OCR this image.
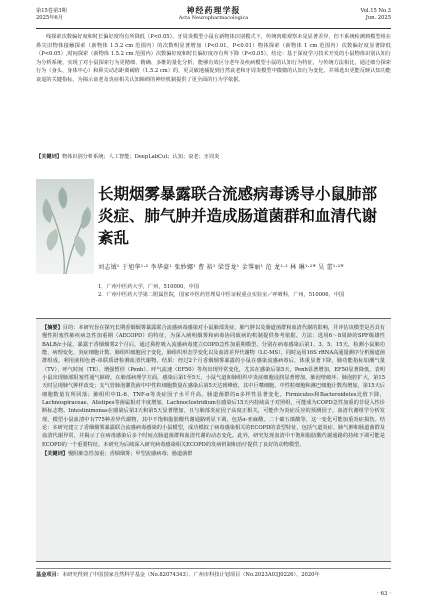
第15卷第3期
2025年6月
神经药理学报
Acta Neuropharmacologica
Vol.15 No.3
Jun. 2025

线探索次数偏好度和时长偏好度均有所降低（P<0.05）。牙周炎模型小鼠在新物体识别模式下，传统肉眼观察未见显著差异，但不系统检测到模型组在鼻尖旧物体接触探索（新物体 1.5.2 cm 范围内）的次数明显著增加（P<0.01，P<0.01）物体探索（新物体 1 cm 范围内）次数偏好度显著降低（P<0.05）,时间探索（新物体 1.5.2 cm 范围内）次数偏好度和时长偏好度亦有所下降（P<0.05）。结论：基于深度学习技术开发的小鼠物体识别认知行为分析系统，实现了对小鼠探索行为更精细、精确、多维的量化分析，能够有效区分老年及疾病模型小鼠的认知行为特征，与传统方法相比，通过细分探索行为（身头、身体中心）和鼻尖动态距离阈值（1.5.2 cm）的，更灵敏地捕捉到自然衰老和牙周炎模型中微微的认知行为变化，并筛选出更能反映认知功能衰退的关键指标，为揭示衰老及炎症相关认知障碍的神经机制提供了更全面的行为学依据。

【关键词】物体识别分析系统；人工智能；DeepLabCut；认知；衰老；牙周炎
长期烟雾暴露联合流感病毒诱导小鼠肺部炎症、肺气肿并造成肠道菌群和血清代谢紊乱
刘志钺¹ 于旭华¹·² 李华豪¹ 张妙娜¹ 曹 裕¹ 梁誉龙¹ 金霁丽¹ 范 龙¹·² 林 琳¹·²* 吴 蕾¹·²*
1．广州中医药大学，广州，510000，中国
2．广州中医药大学第二附属医院，国家中医药管理局中医证候重点实验室／呼吸科，广州，510006，中国
【摘要】目的：本研究旨在探究长期香烟烟雾暴露联合流感病毒感染对小鼠肺部炎症、肺气肿以及肠道菌群和血清代谢的影响，并评估该模型是否具有慢性阻塞性肺疾病急性加重期（AECOPD）的特征，为深入阐明烟雾和病毒协同致病的机制提供参考依据。方法：选用6～8周龄的SPF级雄性BALB/c小鼠，暴露于香烟烟雾2个月后，通过鼻腔吸入流感病毒建立COPD急性加重期模型。分别在病毒感染后第1、3、5、15天，检测小鼠肺功能、病理变化、炎症细胞计数、肺组织细胞因子变化，肺组织形态学变化以及血清差异代谢物（LC-MS），同时运用16S rRNA高通量测序分析肠道菌群组成，利用液相色谱-串联质谱检测血清代谢物。结果：经过2个月香烟烟雾暴露的小鼠在感染流感病毒后，体重显著下降，肺功能指标如潮气量（TV）、呼气时间（TE）、增强暂停（Penh）、呼气流速（EF50）等均出现异常变化，尤其在感染后第5天，Penh显著增加，EF50显著降低，表明小鼠出现肺部阻塞性通气障碍。在肺部病理学方面，感染后第1至5天，小鼠气道和肺组织中炎症细胞浸润显著增加，肺泡壁破坏、肺泡腔扩大，第15天时呈现肺气肿样改变；支气管肺泡灌洗液中中性粒细胞数量在感染后第5天达到峰值，其中巨噬细胞、中性粒细胞和淋巴细胞计数均增加，第15天后细胞数量有所回落；肺组织中IL-6、TNF-α等炎症因子水平升高。肠道菌群的α多样性显著变化，Firmicutes和Bacteroidetes比值下降，Lachnospiraceae、Alistipes等菌属相对丰度增加。Lachnoclostridium在感染后15天内持续高于对照组，可能成为COPD急性加重的非侵入性诊断标志物。Intestinimonas在感染后第3天和第5天显著增加，且与肺部炎症因子高度正相关，可能作为炎症反应的预测因子。血清代谢组学分析发现，模型小鼠血清中有775种差异代谢物，其中不饱和脂肪酸代谢通路明显下调，包括α-亚麻酸、二十碳五烯酸等，这一变化可能加重炎症损伤。结论：本研究建立了香烟烟雾暴露联合流感病毒感染的小鼠模型，成功模拟了病毒感染相关的ECOPD的表型特征，包括气道炎症、肺气肿和肠道菌群及血清代谢异常，并揭示了在病毒感染后多个时间点肠道菌群和血清代谢的动态变化。此外，研究发现血清中不饱和脂肪酸代谢通路的持续下调可能是ECOPD的一个重要特征。本研究为后续深入研究病毒感染相关ECOPD的发病机制和治疗提供了良好的动物模型。
【关键词】慢阻肺急性加重；香烟烟雾；甲型流感病毒；肠道菌群
基金项目：本研究得到了中国国家自然科学基金（No.82074343）、广州市科技计划项目（No.2023A03J0226）、2020年
· 63 ·
